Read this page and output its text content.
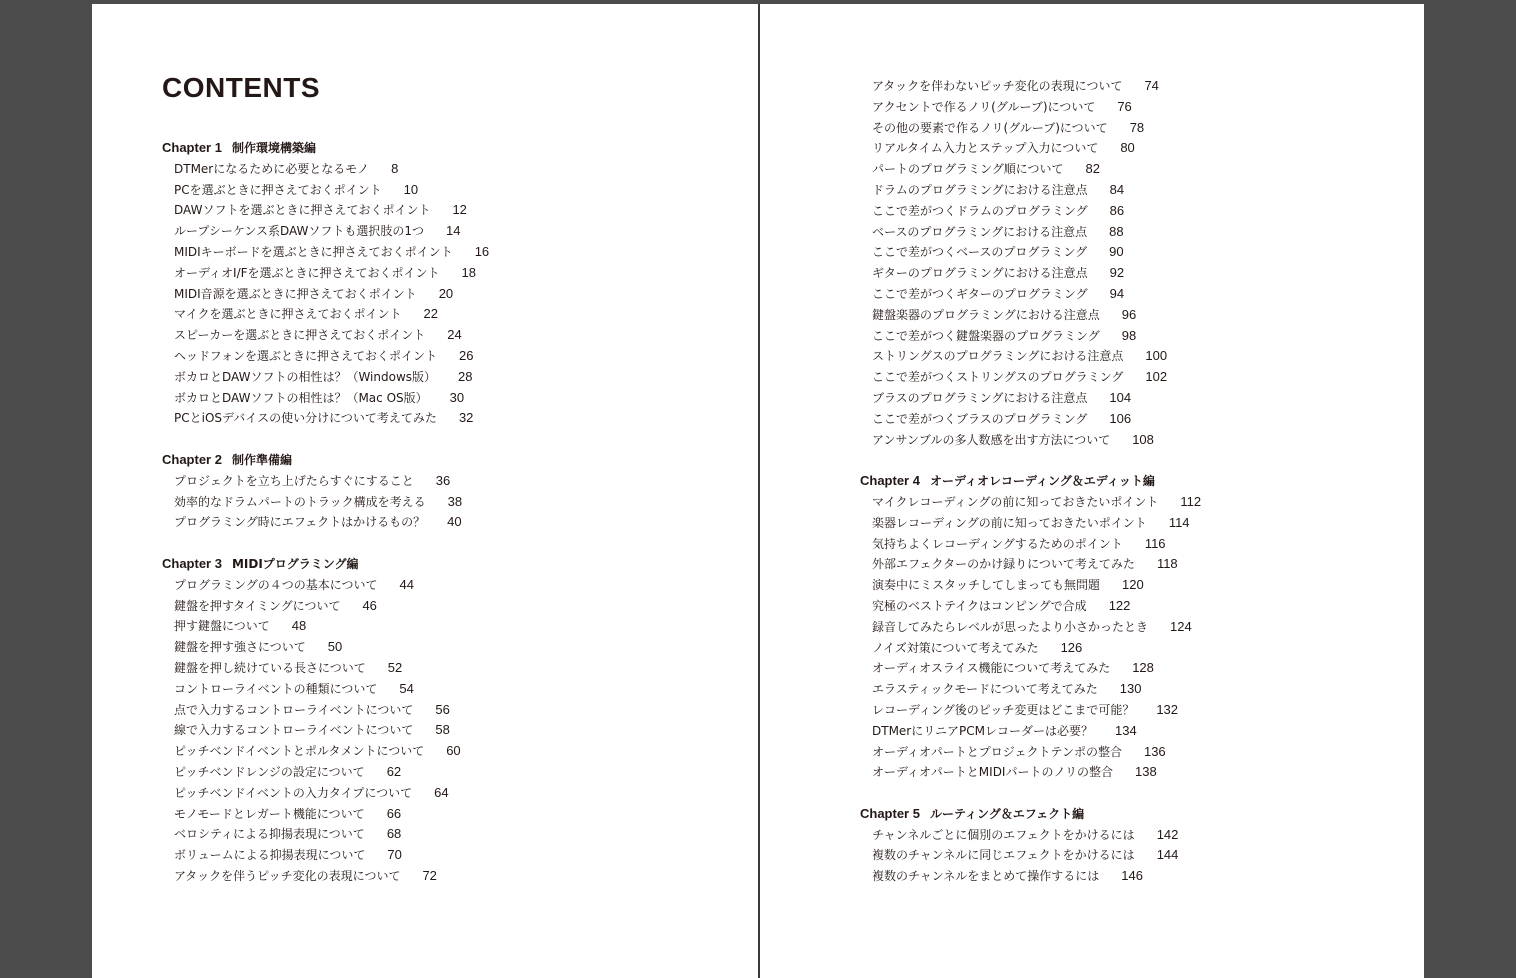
CONTENTS
Chapter 1 制作環境構築編
DTMerになるために必要となるモノ 8
PCを選ぶときに押さえておくポイント 10
DAWソフトを選ぶときに押さえておくポイント 12
ループシーケンス系DAWソフトも選択肢の1つ 14
MIDIキーボードを選ぶときに押さえておくポイント 16
オーディオI/Fを選ぶときに押さえておくポイント 18
MIDI音源を選ぶときに押さえておくポイント 20
マイクを選ぶときに押さえておくポイント 22
スピーカーを選ぶときに押さえておくポイント 24
ヘッドフォンを選ぶときに押さえておくポイント 26
ボカロとDAWソフトの相性は？（Windows版） 28
ボカロとDAWソフトの相性は？（Mac OS版） 30
PCとiOSデバイスの使い分けについて考えてみた 32
Chapter 2 制作準備編
プロジェクトを立ち上げたらすぐにすること 36
効率的なドラムパートのトラック構成を考える 38
プログラミング時にエフェクトはかけるもの？ 40
Chapter 3 MIDIプログラミング編
プログラミングの４つの基本について 44
鍵盤を押すタイミングについて 46
押す鍵盤について 48
鍵盤を押す強さについて 50
鍵盤を押し続けている長さについて 52
コントローライベントの種類について 54
点で入力するコントローライベントについて 56
線で入力するコントローライベントについて 58
ピッチベンドイベントとポルタメントについて 60
ピッチベンドレンジの設定について 62
ピッチベンドイベントの入力タイプについて 64
モノモードとレガート機能について 66
ベロシティによる抑揚表現について 68
ボリュームによる抑揚表現について 70
アタックを伴うピッチ変化の表現について 72
アタックを伴わないピッチ変化の表現について 74
アクセントで作るノリ(グルーブ)について 76
その他の要素で作るノリ(グルーブ)について 78
リアルタイム入力とステップ入力について 80
パートのプログラミング順について 82
ドラムのプログラミングにおける注意点 84
ここで差がつくドラムのプログラミング 86
ベースのプログラミングにおける注意点 88
ここで差がつくベースのプログラミング 90
ギターのプログラミングにおける注意点 92
ここで差がつくギターのプログラミング 94
鍵盤楽器のプログラミングにおける注意点 96
ここで差がつく鍵盤楽器のプログラミング 98
ストリングスのプログラミングにおける注意点 100
ここで差がつくストリングスのプログラミング 102
ブラスのプログラミングにおける注意点 104
ここで差がつくブラスのプログラミング 106
アンサンブルの多人数感を出す方法について 108
Chapter 4 オーディオレコーディング＆エディット編
マイクレコーディングの前に知っておきたいポイント 112
楽器レコーディングの前に知っておきたいポイント 114
気持ちよくレコーディングするためのポイント 116
外部エフェクターのかけ録りについて考えてみた 118
演奏中にミスタッチしてしまっても無問題 120
究極のベストテイクはコンピングで合成 122
録音してみたらレベルが思ったより小さかったとき 124
ノイズ対策について考えてみた 126
オーディオスライス機能について考えてみた 128
エラスティックモードについて考えてみた 130
レコーディング後のピッチ変更はどこまで可能？ 132
DTMerにリニアPCMレコーダーは必要？ 134
オーディオパートとプロジェクトテンポの整合 136
オーディオパートとMIDIパートのノリの整合 138
Chapter 5 ルーティング＆エフェクト編
チャンネルごとに個別のエフェクトをかけるには 142
複数のチャンネルに同じエフェクトをかけるには 144
複数のチャンネルをまとめて操作するには 146
